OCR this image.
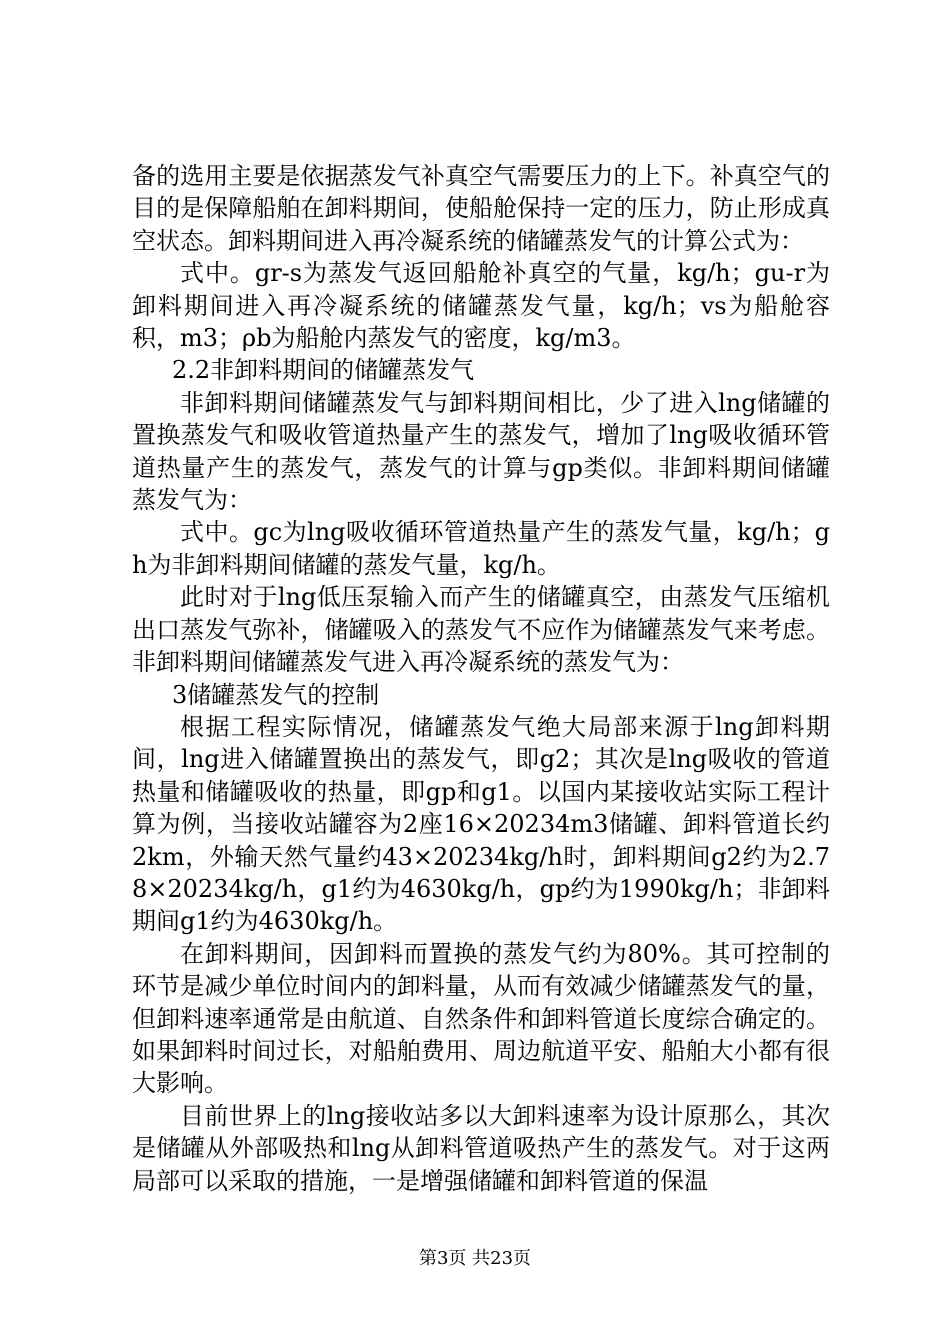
备的选用主要是依据蒸发气补真空气需要压力的上下。补真空气的目的是保障船舶在卸料期间，使船舱保持一定的压力，防止形成真空状态。卸料期间进入再冷凝系统的储罐蒸发气的计算公式为：

式中。gr-s为蒸发气返回船舱补真空的气量，kg/h；gu-r为卸料期间进入再冷凝系统的储罐蒸发气量，kg/h；vs为船舱容积，m3；ρb为船舱内蒸发气的密度，kg/m3。

2.2非卸料期间的储罐蒸发气

非卸料期间储罐蒸发气与卸料期间相比，少了进入lng储罐的置换蒸发气和吸收管道热量产生的蒸发气，增加了lng吸收循环管道热量产生的蒸发气，蒸发气的计算与gp类似。非卸料期间储罐蒸发气为：

式中。gc为lng吸收循环管道热量产生的蒸发气量，kg/h；gh为非卸料期间储罐的蒸发气量，kg/h。

此时对于lng低压泵输入而产生的储罐真空，由蒸发气压缩机出口蒸发气弥补，储罐吸入的蒸发气不应作为储罐蒸发气来考虑。非卸料期间储罐蒸发气进入再冷凝系统的蒸发气为：

3储罐蒸发气的控制

根据工程实际情况，储罐蒸发气绝大局部来源于lng卸料期间，lng进入储罐置换出的蒸发气，即g2；其次是lng吸收的管道热量和储罐吸收的热量，即gp和g1。以国内某接收站实际工程计算为例，当接收站罐容为2座16×20234m3储罐、卸料管道长约2km，外输天然气量约43×20234kg/h时，卸料期间g2约为2.78×20234kg/h，g1约为4630kg/h，gp约为1990kg/h；非卸料期间g1约为4630kg/h。

在卸料期间，因卸料而置换的蒸发气约为80%。其可控制的环节是减少单位时间内的卸料量，从而有效减少储罐蒸发气的量，但卸料速率通常是由航道、自然条件和卸料管道长度综合确定的。如果卸料时间过长，对船舶费用、周边航道平安、船舶大小都有很大影响。

目前世界上的lng接收站多以大卸料速率为设计原那么，其次是储罐从外部吸热和lng从卸料管道吸热产生的蒸发气。对于这两局部可以采取的措施，一是增强储罐和卸料管道的保温

第3页 共23页
